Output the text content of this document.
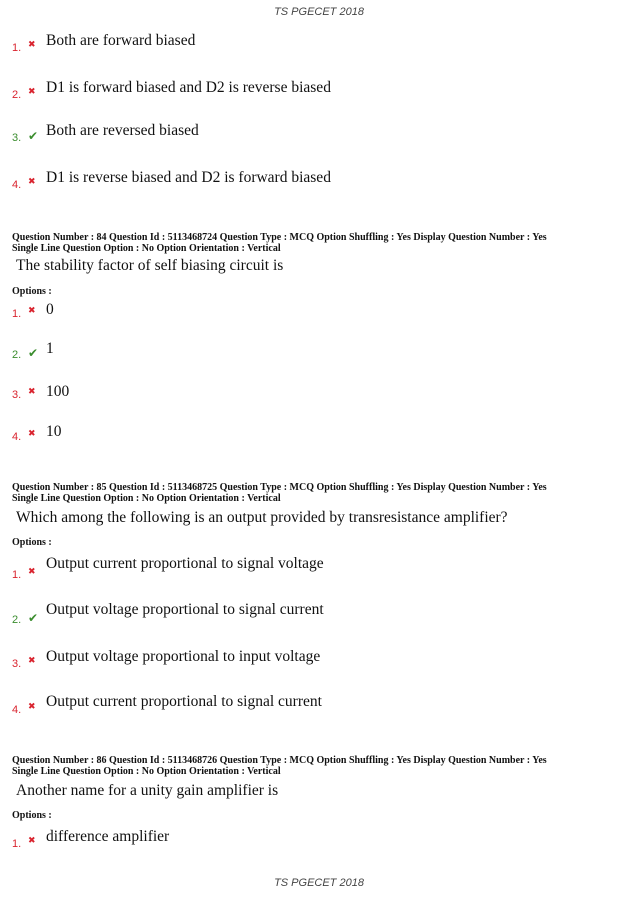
TS PGECET 2018
1. ✖ Both are forward biased
2. ✖ D1 is forward biased and D2 is reverse biased
3. ✔ Both are reversed biased
4. ✖ D1 is reverse biased and D2 is forward biased
Question Number : 84 Question Id : 5113468724 Question Type : MCQ Option Shuffling : Yes Display Question Number : Yes
Single Line Question Option : No Option Orientation : Vertical
The stability factor of self biasing circuit is
Options :
1. ✖ 0
2. ✔ 1
3. ✖ 100
4. ✖ 10
Question Number : 85 Question Id : 5113468725 Question Type : MCQ Option Shuffling : Yes Display Question Number : Yes
Single Line Question Option : No Option Orientation : Vertical
Which among the following is an output provided by transresistance amplifier?
Options :
1. ✖ Output current proportional to signal voltage
2. ✔ Output voltage proportional to signal current
3. ✖ Output voltage proportional to input voltage
4. ✖ Output current proportional to signal current
Question Number : 86 Question Id : 5113468726 Question Type : MCQ Option Shuffling : Yes Display Question Number : Yes
Single Line Question Option : No Option Orientation : Vertical
Another name for a unity gain amplifier is
Options :
1. ✖ difference amplifier
TS PGECET 2018
